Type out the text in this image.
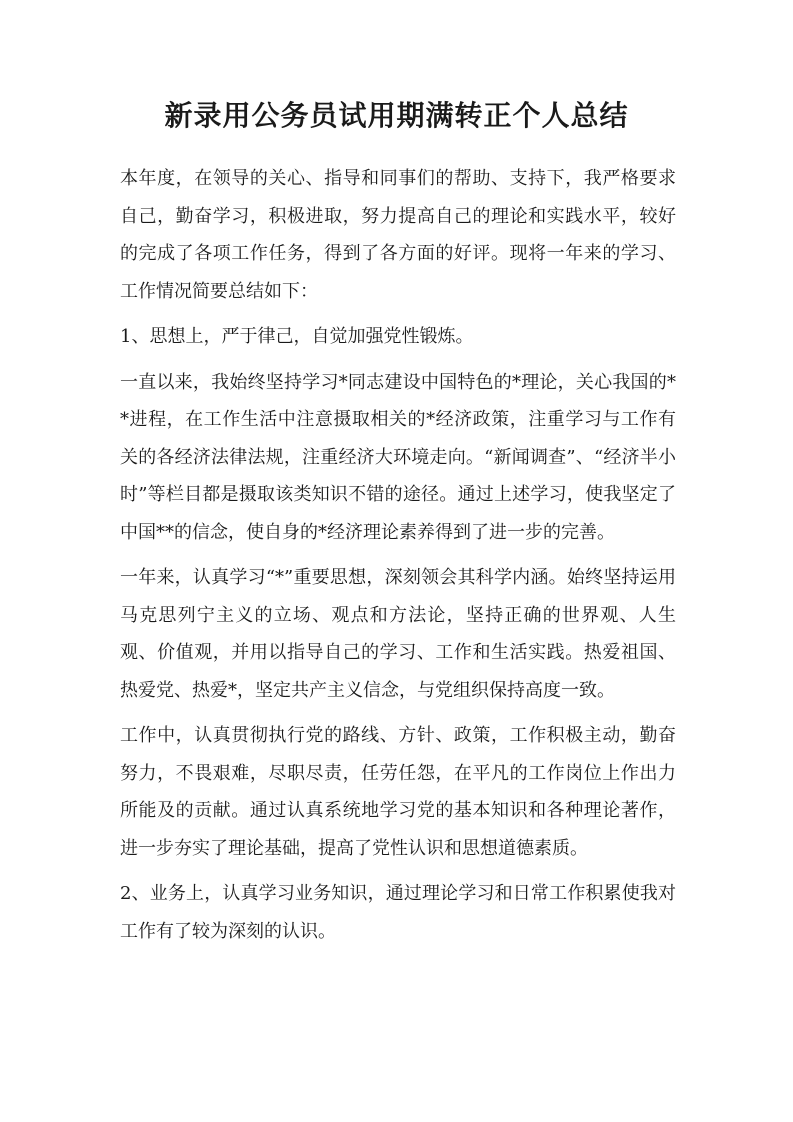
新录用公务员试用期满转正个人总结

本年度，在领导的关心、指导和同事们的帮助、支持下，我严格要求自己，勤奋学习，积极进取，努力提高自己的理论和实践水平，较好的完成了各项工作任务，得到了各方面的好评。现将一年来的学习、工作情况简要总结如下：

1、思想上，严于律己，自觉加强党性锻炼。

一直以来，我始终坚持学习*同志建设中国特色的*理论，关心我国的**进程，在工作生活中注意摄取相关的*经济政策，注重学习与工作有关的各经济法律法规，注重经济大环境走向。“新闻调查”、“经济半小时”等栏目都是摄取该类知识不错的途径。通过上述学习，使我坚定了中国**的信念，使自身的*经济理论素养得到了进一步的完善。

一年来，认真学习“*”重要思想，深刻领会其科学内涵。始终坚持运用马克思列宁主义的立场、观点和方法论，坚持正确的世界观、人生观、价值观，并用以指导自己的学习、工作和生活实践。热爱祖国、热爱党、热爱*，坚定共产主义信念，与党组织保持高度一致。

工作中，认真贯彻执行党的路线、方针、政策，工作积极主动，勤奋努力，不畏艰难，尽职尽责，任劳任怨，在平凡的工作岗位上作出力所能及的贡献。通过认真系统地学习党的基本知识和各种理论著作，进一步夯实了理论基础，提高了党性认识和思想道德素质。

2、业务上，认真学习业务知识，通过理论学习和日常工作积累使我对工作有了较为深刻的认识。
